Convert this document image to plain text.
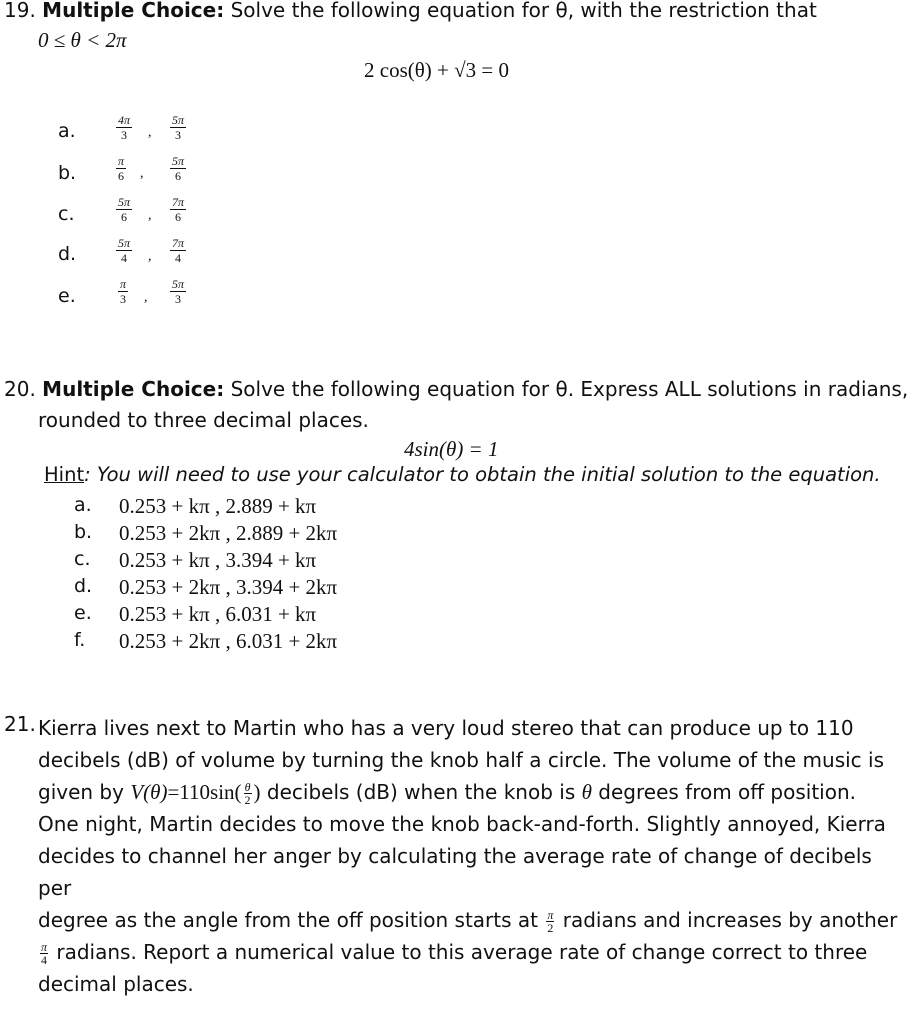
19. Multiple Choice: Solve the following equation for θ, with the restriction that
0 ≤ θ < 2π
2 cos(θ) + √3 = 0
a.	$\frac{4\pi}{3}$ , $\frac{5\pi}{3}$
b.	$\frac{\pi}{6}$ , $\frac{5\pi}{6}$
c.	$\frac{5\pi}{6}$ , $\frac{7\pi}{6}$
d.	$\frac{5\pi}{4}$ , $\frac{7\pi}{4}$
e.	$\frac{\pi}{3}$ , $\frac{5\pi}{3}$
20. Multiple Choice: Solve the following equation for θ. Express ALL solutions in radians,
rounded to three decimal places.
4sin(θ) = 1
Hint: You will need to use your calculator to obtain the initial solution to the equation.
a. 0.253 + kπ , 2.889 + kπ
b. 0.253 + 2kπ , 2.889 + 2kπ
c. 0.253 + kπ , 3.394 + kπ
d. 0.253 + 2kπ , 3.394 + 2kπ
e. 0.253 + kπ , 6.031 + kπ
f. 0.253 + 2kπ , 6.031 + 2kπ
21. Kierra lives next to Martin who has a very loud stereo that can produce up to 110
decibels (dB) of volume by turning the knob half a circle. The volume of the music is
given by $V(\theta)=110\sin( \frac{\theta}{2}$ ) decibels (dB) when the knob is θ degrees from off position.
One night, Martin decides to move the knob back-and-forth. Slightly annoyed, Kierra
decides to channel her anger by calculating the average rate of change of decibels per
degree as the angle from the off position starts at $\frac{\pi}{2}$ radians and increases by another
$\frac{\pi}{4}$ radians. Report a numerical value to this average rate of change correct to three
decimal places.
